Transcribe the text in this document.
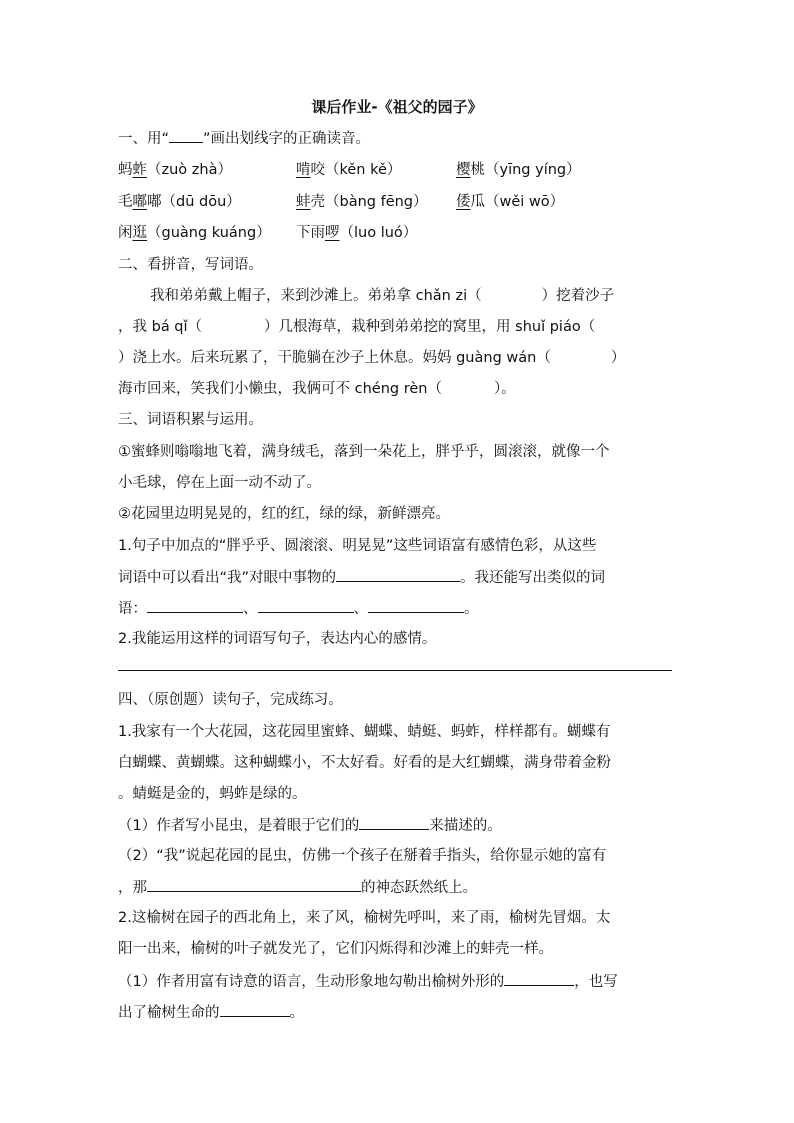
课后作业-《祖父的园子》
一、用“ ”画出划线字的正确读音。
蚂蚱（zuò zhà）	啃咬（kěn kě）	樱桃（yīng yíng）
毛嘟嘟（dū dōu）	蚌壳（bàng fēng） 倭瓜（wěi wō）
闲逛（guàng kuáng） 下雨啰（luo luó）
二、看拼音，写词语。
我和弟弟戴上帽子，来到沙滩上。弟弟拿 chǎn zi（	）挖着沙子
，我 bá qǐ（	）几根海草，栽种到弟弟挖的窝里，用 shuǐ piáo（
）浇上水。后来玩累了，干脆躺在沙子上休息。妈妈 guàng wán（	）
海市回来，笑我们小懒虫，我俩可不 chéng rèn（	）。
三、词语积累与运用。
①蜜蜂则嗡嗡地飞着，满身绒毛，落到一朵花上，胖乎乎，圆滚滚，就像一个
小毛球，停在上面一动不动了。
②花园里边明晃晃的，红的红，绿的绿，新鲜漂亮。
1.句子中加点的“胖乎乎、圆滚滚、明晃晃”这些词语富有感情色彩，从这些
词语中可以看出“我”对眼中事物的	。我还能写出类似的词
语：	、	、	。
2.我能运用这样的词语写句子，表达内心的感情。
四、（原创题）读句子，完成练习。
1.我家有一个大花园，这花园里蜜蜂、蝴蝶、蜻蜓、蚂蚱，样样都有。蝴蝶有
白蝴蝶、黄蝴蝶。这种蝴蝶小，不太好看。好看的是大红蝴蝶，满身带着金粉
。蜻蜓是金的，蚂蚱是绿的。
（1）作者写小昆虫，是着眼于它们的	来描述的。
（2）“我”说起花园的昆虫，仿佛一个孩子在掰着手指头，给你显示她的富有
，那	的神态跃然纸上。
2.这榆树在园子的西北角上，来了风，榆树先呼叫，来了雨，榆树先冒烟。太
阳一出来，榆树的叶子就发光了，它们闪烁得和沙滩上的蚌壳一样。
（1）作者用富有诗意的语言，生动形象地勾勒出榆树外形的	，也写
出了榆树生命的	。
